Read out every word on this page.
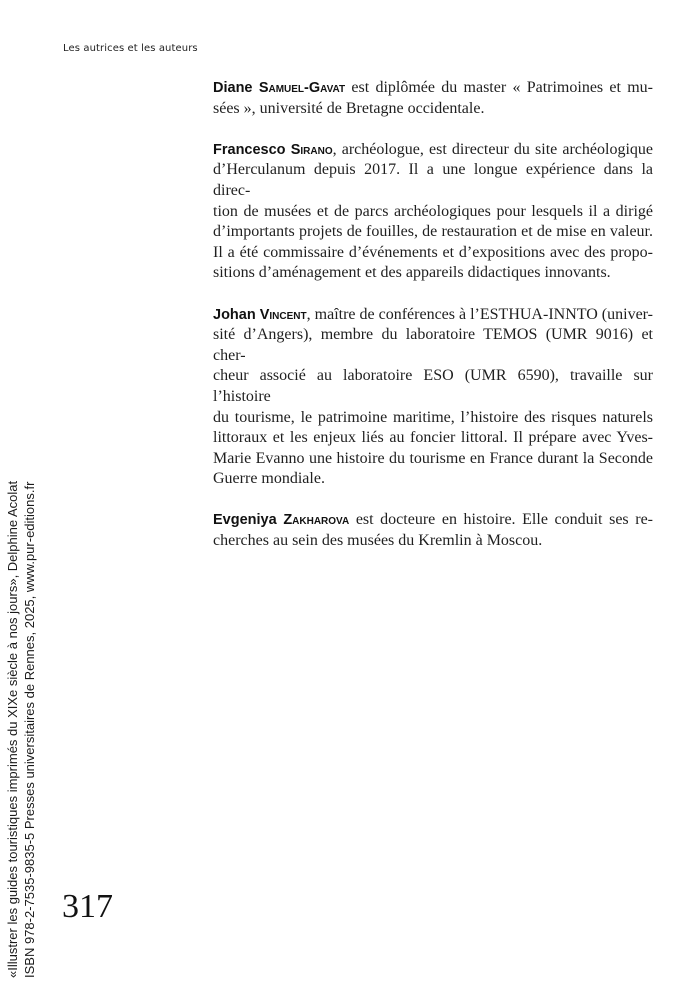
Les autrices et les auteurs

Diane Samuel-Gavat est diplômée du master « Patrimoines et mu-
sées », université de Bretagne occidentale.

Francesco Sirano, archéologue, est directeur du site archéologique
d’Herculanum depuis 2017. Il a une longue expérience dans la direc-
tion de musées et de parcs archéologiques pour lesquels il a dirigé
d’importants projets de fouilles, de restauration et de mise en valeur.
Il a été commissaire d’événements et d’expositions avec des propo-
sitions d’aménagement et des appareils didactiques innovants.

Johan Vincent, maître de conférences à l’ESTHUA-INNTO (univer-
sité d’Angers), membre du laboratoire TEMOS (UMR 9016) et cher-
cheur associé au laboratoire ESO (UMR 6590), travaille sur l’histoire
du tourisme, le patrimoine maritime, l’histoire des risques naturels
littoraux et les enjeux liés au foncier littoral. Il prépare avec Yves-
Marie Evanno une histoire du tourisme en France durant la Seconde
Guerre mondiale.

Evgeniya Zakharova est docteure en histoire. Elle conduit ses re-
cherches au sein des musées du Kremlin à Moscou.

«Illustrer les guides touristiques imprimés du XIXe siècle à nos jours», Delphine Acolat ISBN 978-2-7535-9835-5 Presses universitaires de Rennes, 2025, www.pur-editions.fr 317
